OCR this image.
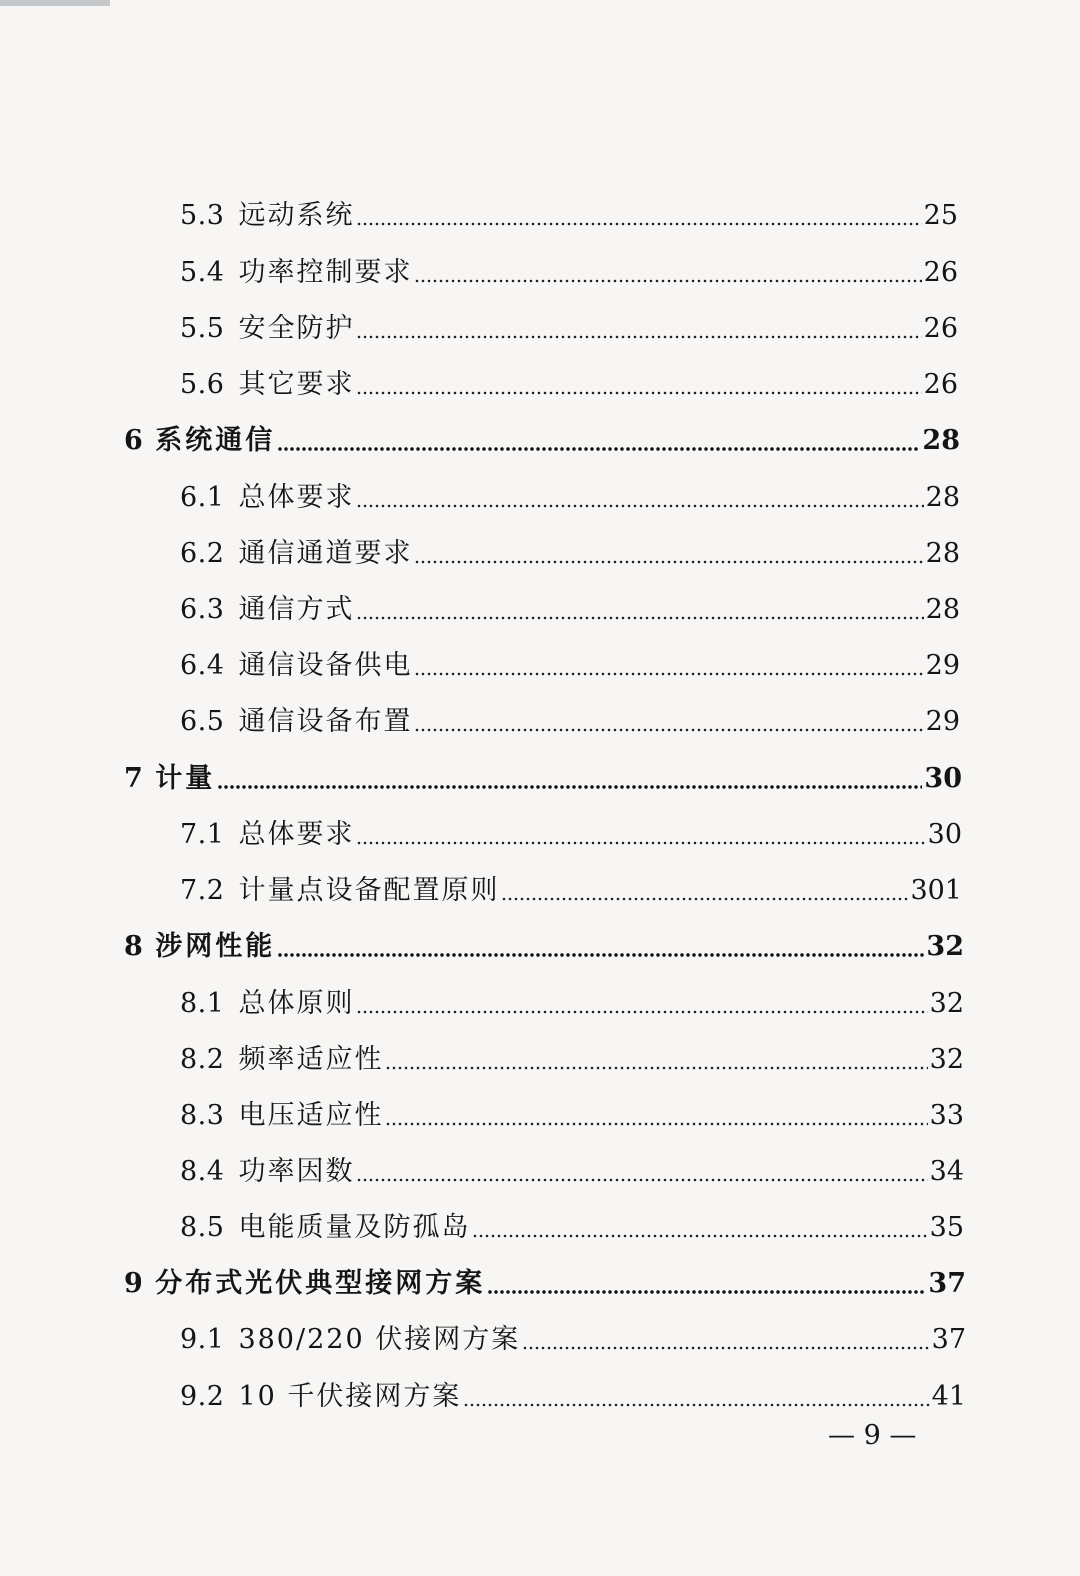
5.3 远动系统	25
5.4 功率控制要求	26
5.5 安全防护	26
5.6 其它要求	26
6 系统通信	28
6.1 总体要求	28
6.2 通信通道要求	28
6.3 通信方式	28
6.4 通信设备供电	29
6.5 通信设备布置	29
7 计量	30
7.1 总体要求	30
7.2 计量点设备配置原则	301
8 涉网性能	32
8.1 总体原则	32
8.2 频率适应性	32
8.3 电压适应性	33
8.4 功率因数	34
8.5 电能质量及防孤岛	35
9 分布式光伏典型接网方案	37
9.1 380/220 伏接网方案	37
9.2 10 千伏接网方案	41
— 9 —
